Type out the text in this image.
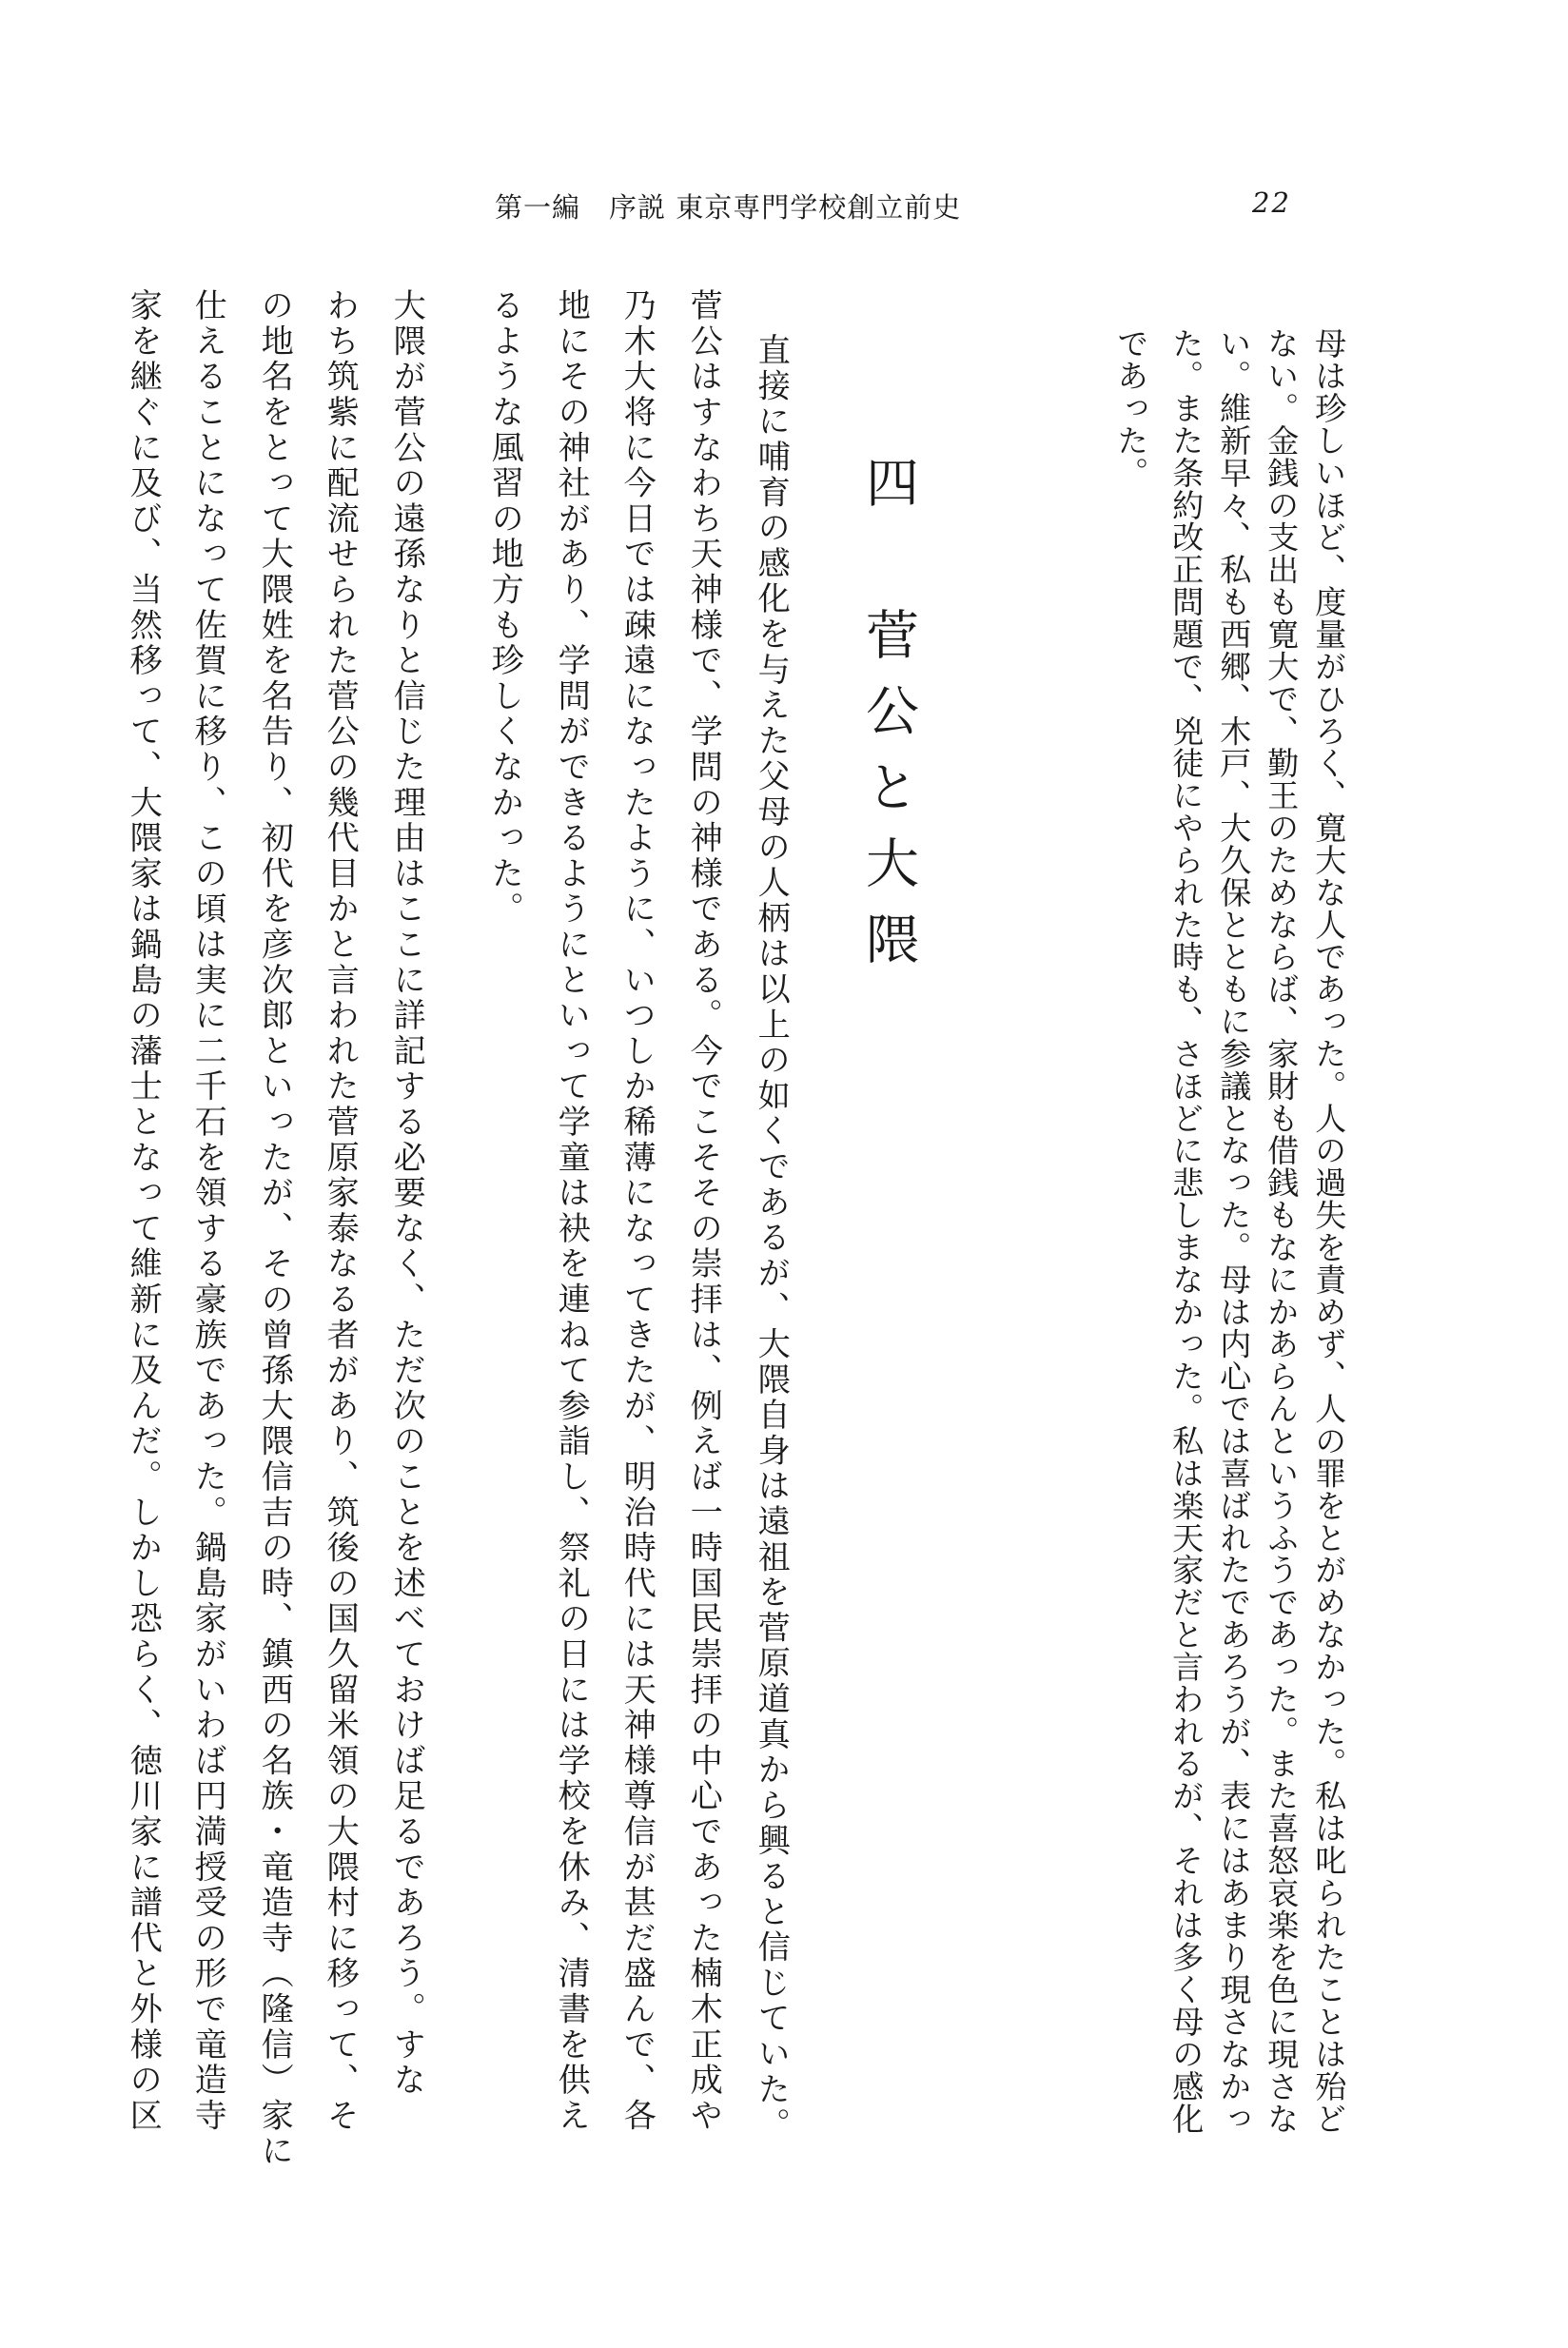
第一編　序説 東京専門学校創立前史	22
母は珍しいほど、度量がひろく、寛大な人であった。人の過失を責めず、人の罪をとがめなかった。私は叱られたことは殆ど
ない。金銭の支出も寛大で、勤王のためならば、家財も借銭もなにかあらんというふうであった。また喜怒哀楽を色に現さな
い。維新早々、私も西郷、木戸、大久保とともに参議となった。母は内心では喜ばれたであろうが、表にはあまり現さなかっ
た。また条約改正問題で、兇徒にやられた時も、さほどに悲しまなかった。私は楽天家だと言われるが、それは多く母の感化
であった。
四　菅公と大隈
直接に哺育の感化を与えた父母の人柄は以上の如くであるが、大隈自身は遠祖を菅原道真から興ると信じていた。
菅公はすなわち天神様で、学問の神様である。今でこそその崇拝は、例えば一時国民崇拝の中心であった楠木正成や
乃木大将に今日では疎遠になったように、いつしか稀薄になってきたが、明治時代には天神様尊信が甚だ盛んで、各
地にその神社があり、学問ができるようにといって学童は袂を連ねて参詣し、祭礼の日には学校を休み、清書を供え
るような風習の地方も珍しくなかった。
大隈が菅公の遠孫なりと信じた理由はここに詳記する必要なく、ただ次のことを述べておけば足るであろう。すな
わち筑紫に配流せられた菅公の幾代目かと言われた菅原家泰なる者があり、筑後の国久留米領の大隈村に移って、そ
の地名をとって大隈姓を名告り、初代を彦次郎といったが、その曾孫大隈信吉の時、鎮西の名族・竜造寺（隆信）家に
仕えることになって佐賀に移り、この頃は実に二千石を領する豪族であった。鍋島家がいわば円満授受の形で竜造寺
家を継ぐに及び、当然移って、大隈家は鍋島の藩士となって維新に及んだ。しかし恐らく、徳川家に譜代と外様の区
